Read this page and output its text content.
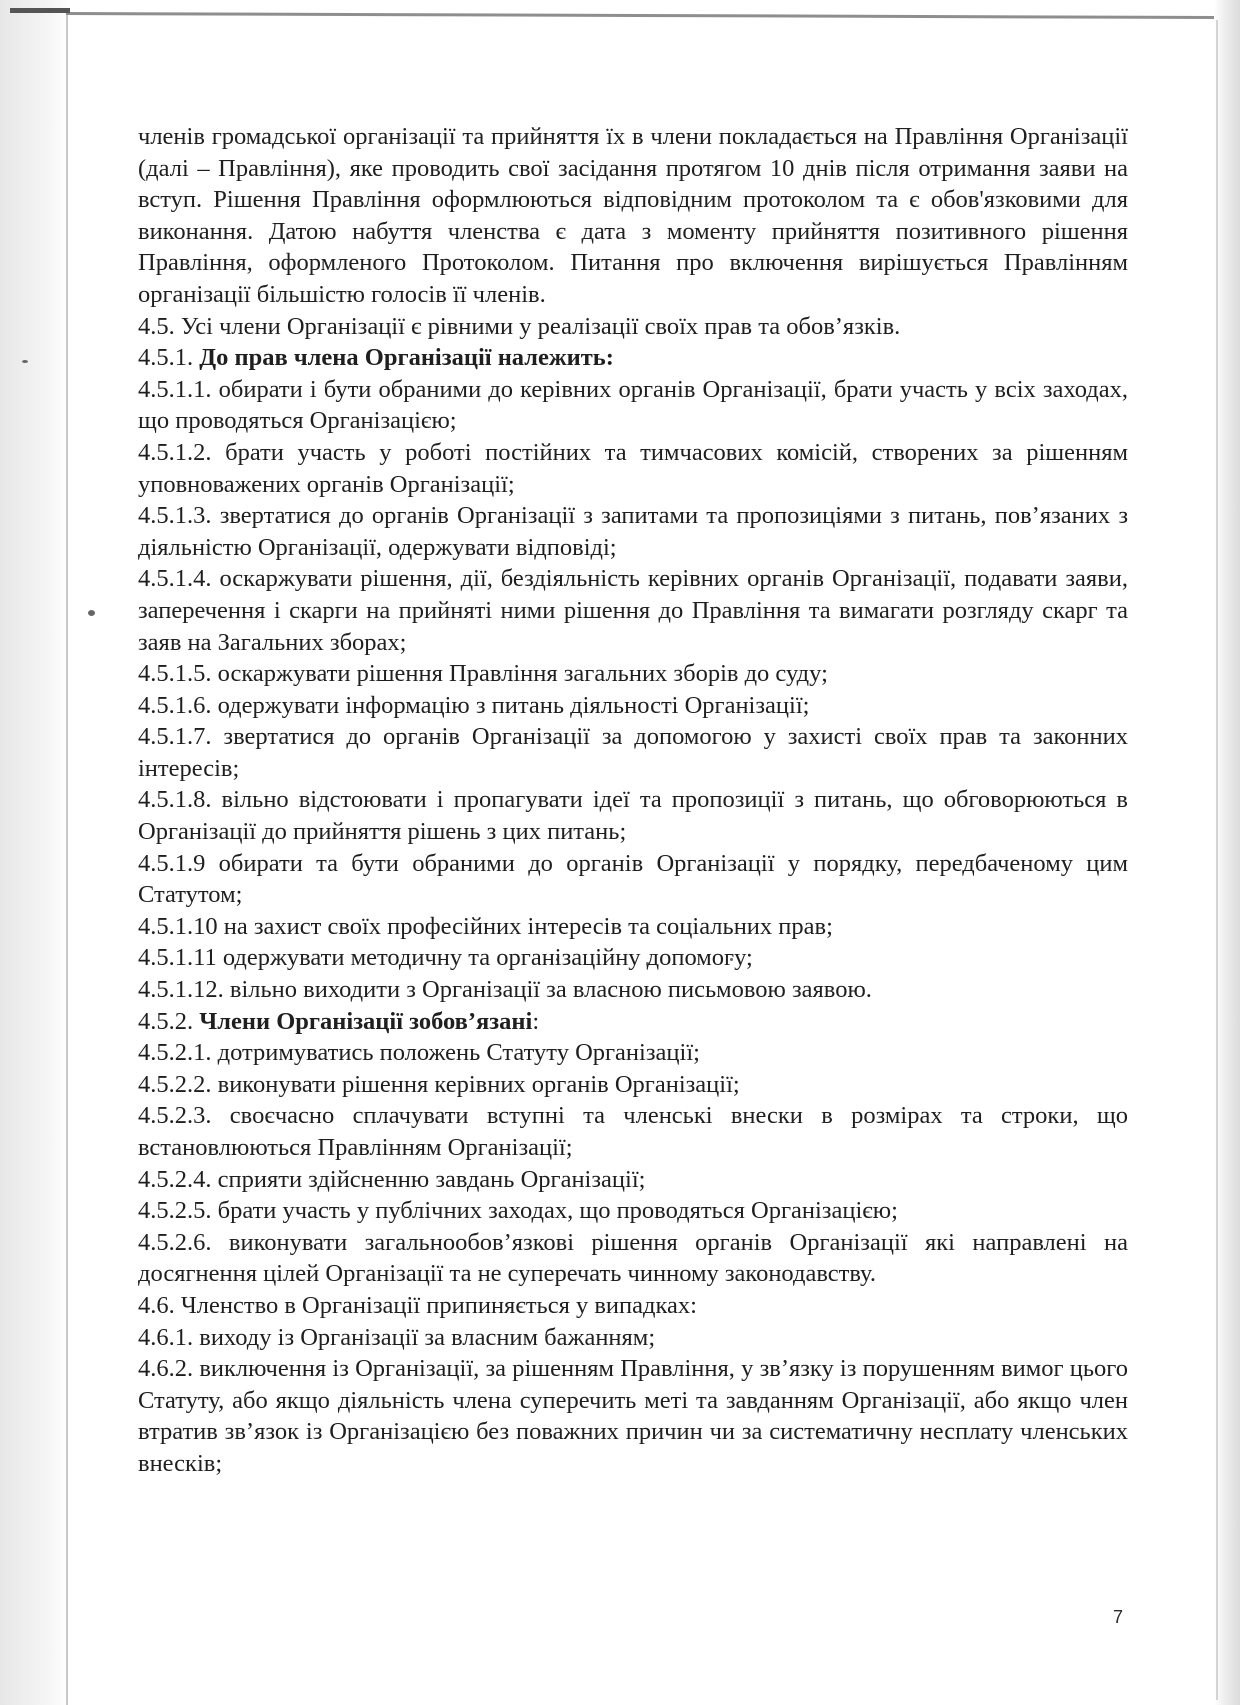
членів громадської організації та прийняття їх в члени покладається на Правління Організації (далі – Правління), яке проводить свої засідання протягом 10 днів після отримання заяви на вступ. Рішення Правління оформлюються відповідним протоколом та є обов'язковими для виконання. Датою набуття членства є дата з моменту прийняття позитивного рішення Правління, оформленого Протоколом. Питання про включення вирішується Правлінням організації більшістю голосів її членів.

4.5. Усі члени Організації є рівними у реалізації своїх прав та обов’язків.

4.5.1. До прав члена Організації належить:

4.5.1.1. обирати і бути обраними до керівних органів Організації, брати участь у всіх заходах, що проводяться Організацією;

4.5.1.2. брати участь у роботі постійних та тимчасових комісій, створених за рішенням уповноважених органів Організації;

4.5.1.3. звертатися до органів Організації з запитами та пропозиціями з питань, пов’язаних з діяльністю Організації, одержувати відповіді;

4.5.1.4. оскаржувати рішення, дії, бездіяльність керівних органів Організації, подавати заяви, заперечення і скарги на прийняті ними рішення до Правління та вимагати розгляду скарг та заяв на Загальних зборах;

4.5.1.5. оскаржувати рішення Правління загальних зборів до суду;

4.5.1.6. одержувати інформацію з питань діяльності Організації;

4.5.1.7. звертатися до органів Організації за допомогою у захисті своїх прав та законних інтересів;

4.5.1.8. вільно відстоювати і пропагувати ідеї та пропозиції з питань, що обговорюються в Організації до прийняття рішень з цих питань;

4.5.1.9 обирати та бути обраними до органів Організації у порядку, передбаченому цим Статутом;

4.5.1.10 на захист своїх професійних інтересів та соціальних прав;

4.5.1.11 одержувати методичну та організаційну допомогу;

4.5.1.12. вільно виходити з Організації за власною письмовою заявою.

4.5.2. Члени Організації зобов’язані:

4.5.2.1. дотримуватись положень Статуту Організації;

4.5.2.2. виконувати рішення керівних органів Організації;

4.5.2.3. своєчасно сплачувати вступні та членські внески в розмірах та строки, що встановлюються Правлінням Організації;

4.5.2.4. сприяти здійсненню завдань Організації;

4.5.2.5. брати участь у публічних заходах, що проводяться Організацією;

4.5.2.6. виконувати загальнообов’язкові рішення органів Організації які направлені на досягнення цілей Організації та не суперечать чинному законодавству.

4.6. Членство в Організації припиняється у випадках:

4.6.1. виходу із Організації за власним бажанням;

4.6.2. виключення із Організації, за рішенням Правління, у зв’язку із порушенням вимог цього Статуту, або якщо діяльність члена суперечить меті та завданням Організації, або якщо член втратив зв’язок із Організацією без поважних причин чи за систематичну несплату членських внесків;

7
